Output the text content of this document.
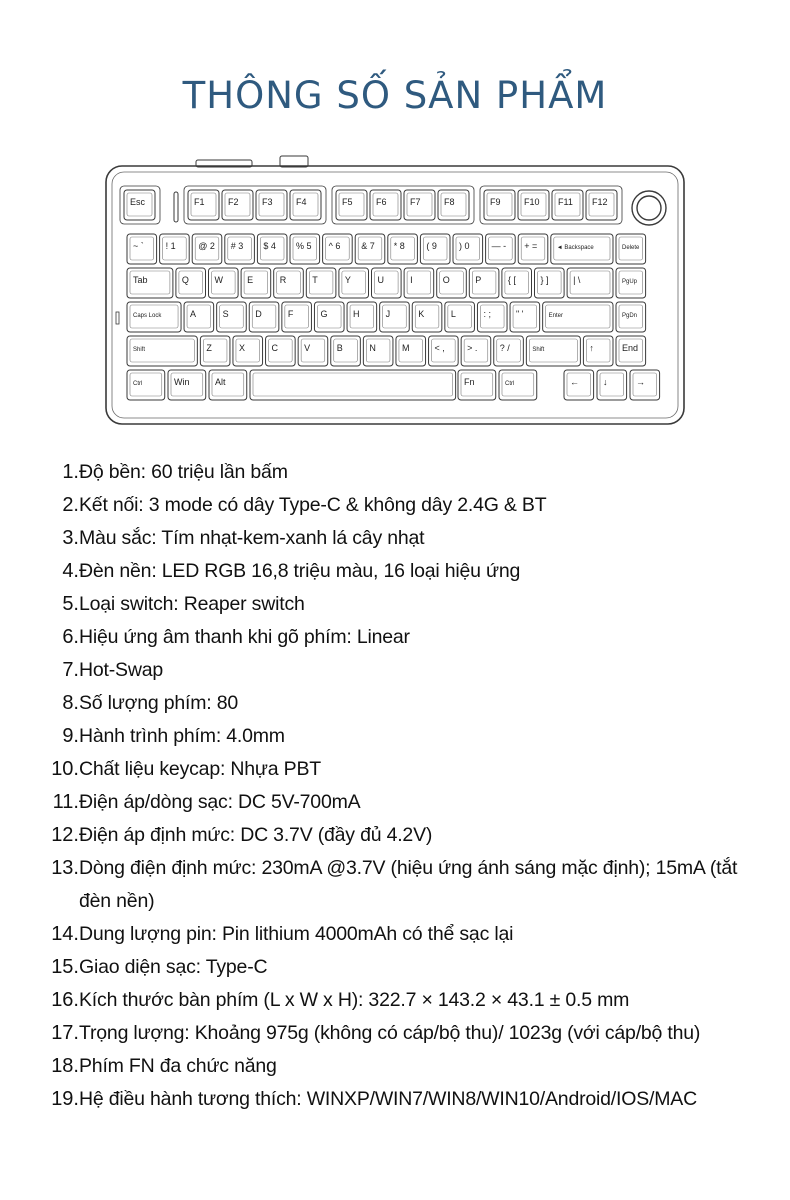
THÔNG SỐ SẢN PHẨM
Esc	F1	F2	F3	F4	F5	F6	F7	F8	F9	F10 F11 F12
~ ` ! 1	@ 2 # 3 $ 4 % 5 ^ 6 & 7 * 8 ( 9 ) 0 — - + =	◄ Backspace	Delete
Tab	Q	W	E	R	T	Y	U	I	O	P	{ [	} ]	| \	PgUp
Caps Lock	A	S	D	F	G	H	J	K	L	: ;	" '	Enter	PgDn
Shift	Z	X	C	V	B	N	M	< , > . ? /	Shift	↑	End
Ctrl	Win	Alt	Fn	Ctrl	←	↓	→
1. Độ bền: 60 triệu lần bấm
2. Kết nối: 3 mode có dây Type-C & không dây 2.4G & BT
3. Màu sắc: Tím nhạt-kem-xanh lá cây nhạt
4. Đèn nền: LED RGB 16,8 triệu màu, 16 loại hiệu ứng
5. Loại switch: Reaper switch
6. Hiệu ứng âm thanh khi gõ phím: Linear
7. Hot-Swap
8. Số lượng phím: 80
9. Hành trình phím: 4.0mm
10. Chất liệu keycap: Nhựa PBT
11. Điện áp/dòng sạc: DC 5V-700mA
12. Điện áp định mức: DC 3.7V (đầy đủ 4.2V)
13. Dòng điện định mức: 230mA @3.7V (hiệu ứng ánh sáng mặc định); 15mA (tắt đèn nền)
14. Dung lượng pin: Pin lithium 4000mAh có thể sạc lại
15. Giao diện sạc: Type-C
16. Kích thước bàn phím (L x W x H): 322.7 × 143.2 × 43.1 ± 0.5 mm
17. Trọng lượng: Khoảng 975g (không có cáp/bộ thu)/ 1023g (với cáp/bộ thu)
18. Phím FN đa chức năng
19. Hệ điều hành tương thích: WINXP/WIN7/WIN8/WIN10/Android/IOS/MAC
